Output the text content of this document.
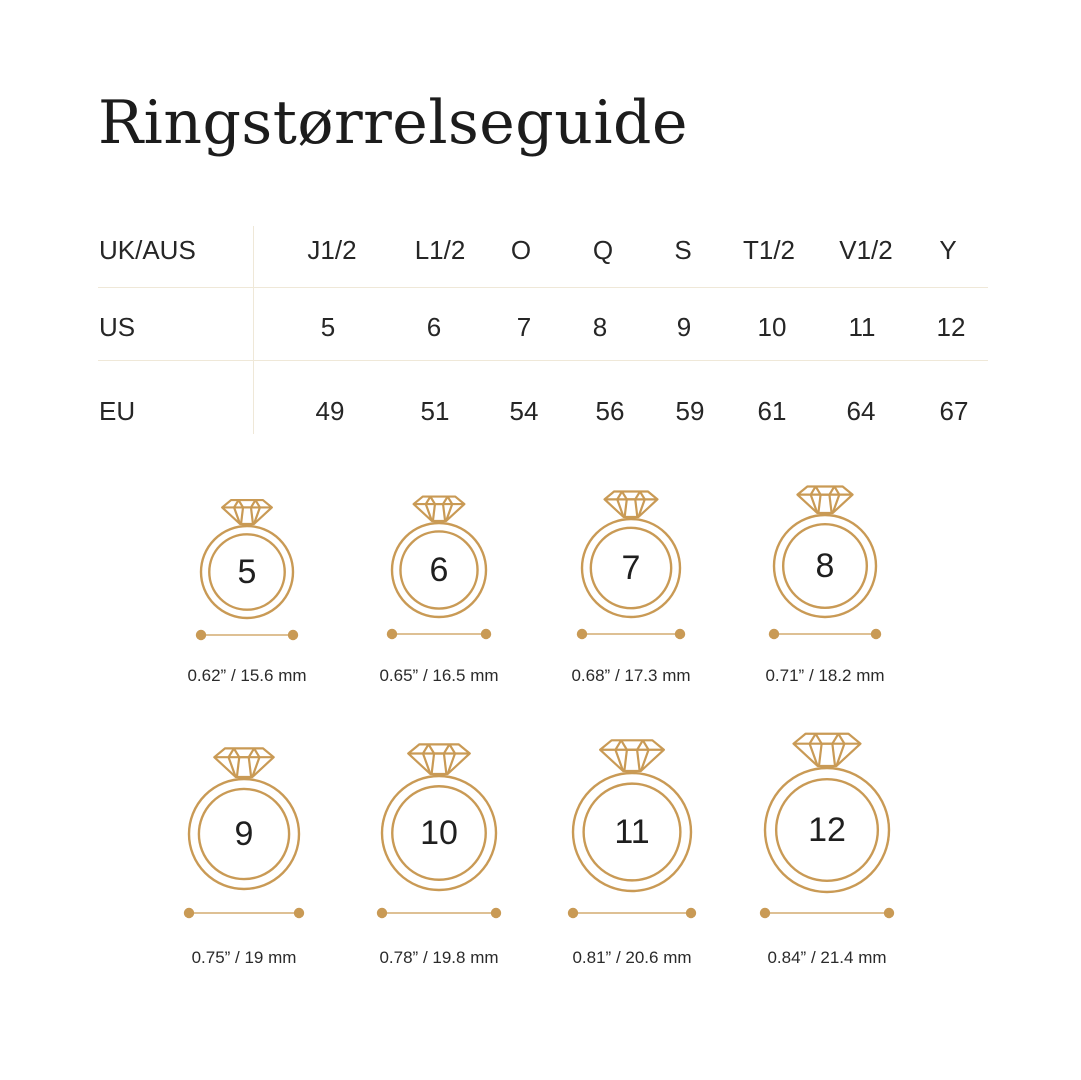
Ringstørrelseguide
UK/AUS	J1/2 L1/2 O Q S T1/2 V1/2 Y
US	5	6	7 8	9	10 11 12
EU	49	51 54 56 59 61 64 67
5
0.62” / 15.6 mm
6
0.65” / 16.5 mm
7
0.68” / 17.3 mm
8
0.71” / 18.2 mm
9
0.75” / 19 mm
10
0.78” / 19.8 mm
11
0.81” / 20.6 mm
12
0.84” / 21.4 mm
